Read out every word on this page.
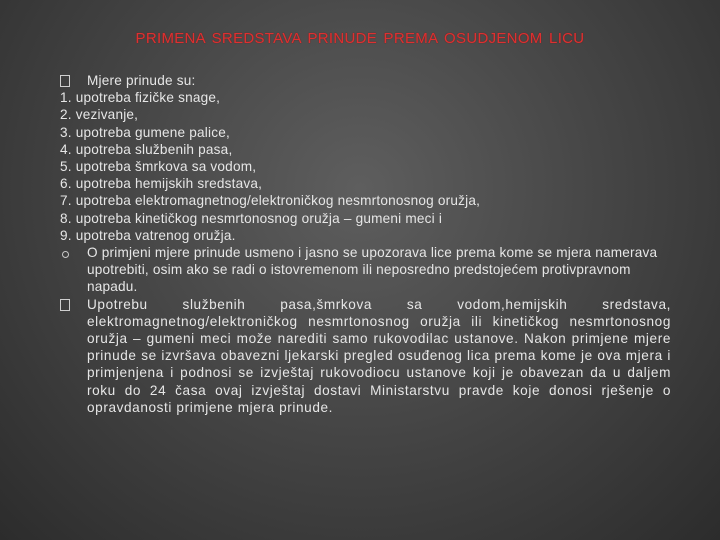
PRIMENA SREDSTAVA PRINUDE PREMA OSUDJENOM LICU
Mjere prinude su:
1. upotreba fizičke snage,
2. vezivanje,
3. upotreba gumene palice,
4. upotreba službenih pasa,
5. upotreba šmrkova sa vodom,
6. upotreba hemijskih sredstava,
7. upotreba elektromagnetnog/elektroničkog nesmrtonosnog oružja,
8. upotreba kinetičkog nesmrtonosnog oružja – gumeni meci i
9. upotreba vatrenog oružja.
O primjeni mjere prinude usmeno i jasno se upozorava lice prema kome se mjera namerava upotrebiti, osim ako se radi o istovremenom ili neposredno predstojećem protivpravnom napadu.
Upotrebu službenih pasa,šmrkova sa vodom,hemijskih sredstava, elektromagnetnog/elektroničkog nesmrtonosnog oružja ili kinetičkog nesmrtonosnog oružja – gumeni meci može narediti samo rukovodilac ustanove. Nakon primjene mjere prinude se izvršava obavezni ljekarski pregled osuđenog lica prema kome je ova mjera i primjenjena i podnosi se izvještaj rukovodiocu ustanove koji je obavezan da u daljem roku do 24 časa ovaj izvještaj dostavi Ministarstvu pravde koje donosi rješenje o opravdanosti primjene mjera prinude.
